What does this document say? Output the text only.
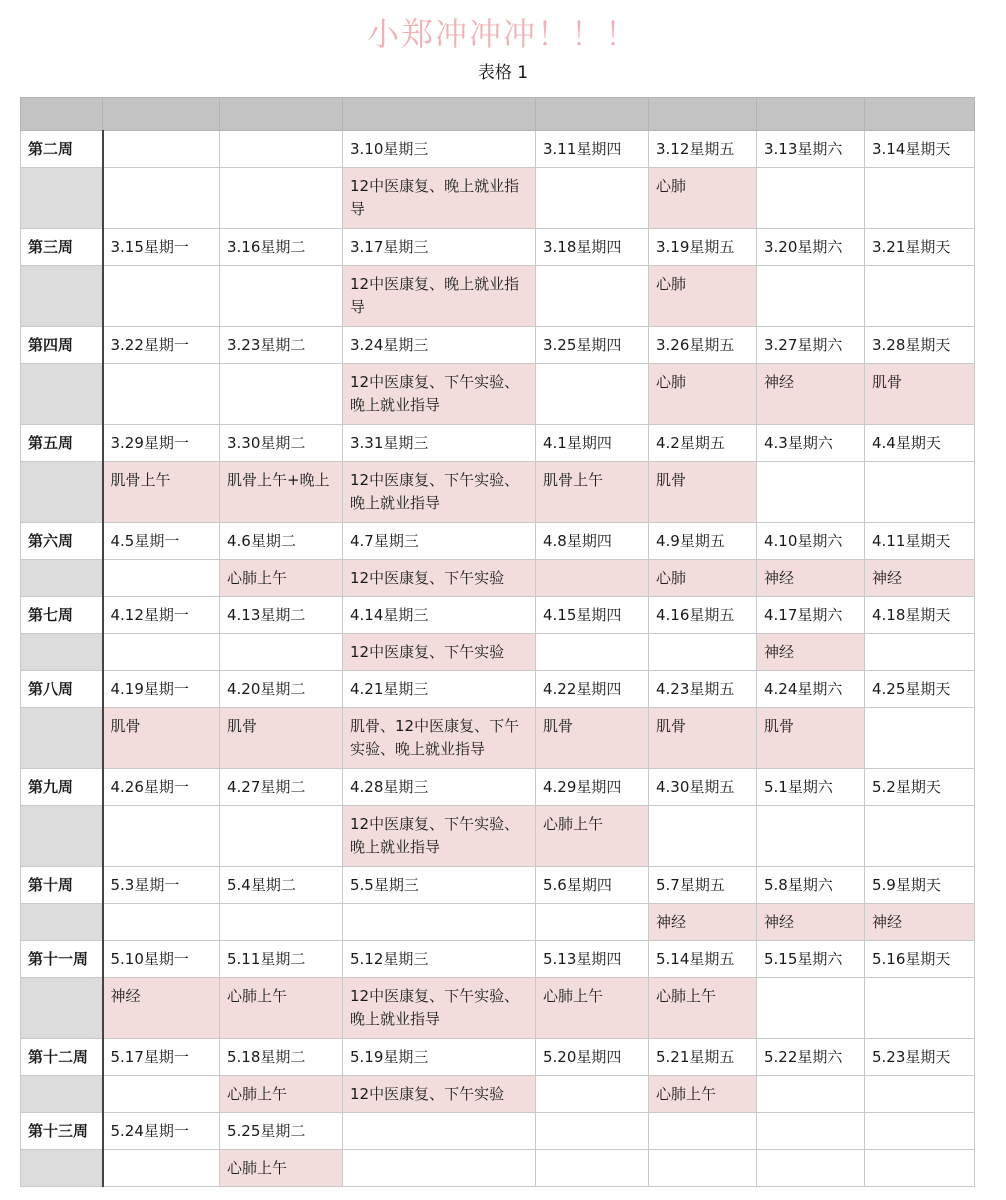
小郑冲冲冲！！！
表格 1

第二周			3.10星期三	3.11星期四	3.12星期五	3.13星期六	3.14星期天
			12中医康复、晚上就业指导		心肺		
第三周	3.15星期一	3.16星期二	3.17星期三	3.18星期四	3.19星期五	3.20星期六	3.21星期天
			12中医康复、晚上就业指导		心肺		
第四周	3.22星期一	3.23星期二	3.24星期三	3.25星期四	3.26星期五	3.27星期六	3.28星期天
			12中医康复、下午实验、晚上就业指导		心肺	神经	肌骨
第五周	3.29星期一	3.30星期二	3.31星期三	4.1星期四	4.2星期五	4.3星期六	4.4星期天
	肌骨上午	肌骨上午+晚上	12中医康复、下午实验、晚上就业指导	肌骨上午	肌骨		
第六周	4.5星期一	4.6星期二	4.7星期三	4.8星期四	4.9星期五	4.10星期六	4.11星期天
		心肺上午	12中医康复、下午实验		心肺	神经	神经
第七周	4.12星期一	4.13星期二	4.14星期三	4.15星期四	4.16星期五	4.17星期六	4.18星期天
			12中医康复、下午实验			神经	
第八周	4.19星期一	4.20星期二	4.21星期三	4.22星期四	4.23星期五	4.24星期六	4.25星期天
	肌骨	肌骨	肌骨、12中医康复、下午实验、晚上就业指导	肌骨	肌骨	肌骨	
第九周	4.26星期一	4.27星期二	4.28星期三	4.29星期四	4.30星期五	5.1星期六	5.2星期天
			12中医康复、下午实验、晚上就业指导	心肺上午			
第十周	5.3星期一	5.4星期二	5.5星期三	5.6星期四	5.7星期五	5.8星期六	5.9星期天
					神经	神经	神经
第十一周	5.10星期一	5.11星期二	5.12星期三	5.13星期四	5.14星期五	5.15星期六	5.16星期天
	神经	心肺上午	12中医康复、下午实验、晚上就业指导	心肺上午	心肺上午		
第十二周	5.17星期一	5.18星期二	5.19星期三	5.20星期四	5.21星期五	5.22星期六	5.23星期天
		心肺上午	12中医康复、下午实验		心肺上午		
第十三周	5.24星期一	5.25星期二					
		心肺上午					
